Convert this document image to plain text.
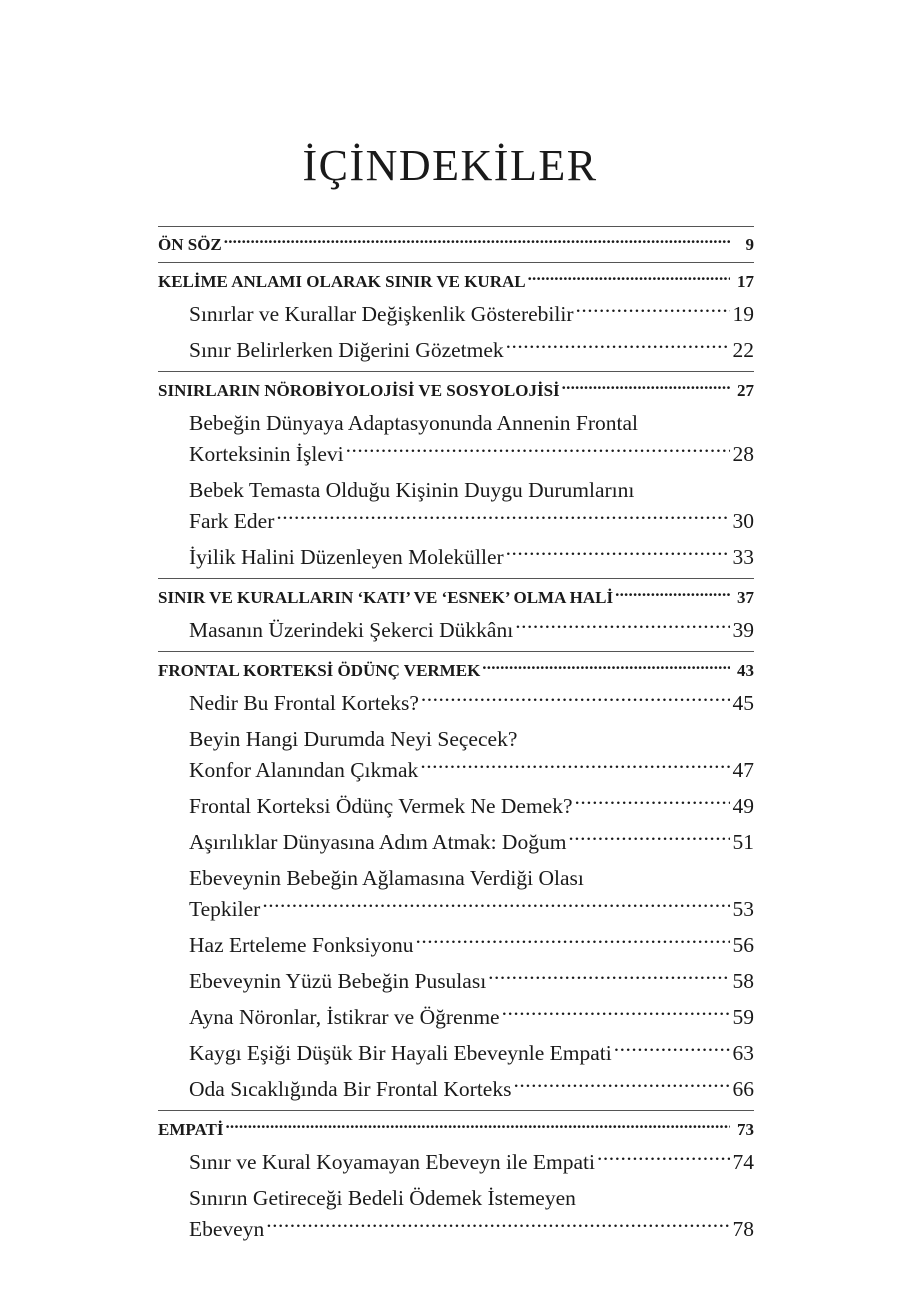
İÇİNDEKİLER
ÖN SÖZ .....	9
KELİME ANLAMI OLARAK SINIR VE KURAL .....	17
Sınırlar ve Kurallar Değişkenlik Gösterebilir .....	19
Sınır Belirlerken Diğerini Gözetmek .....	22
SINIRLARIN NÖROBİYOLOJİSİ VE SOSYOLOJİSİ .....	27
Bebeğin Dünyaya Adaptasyonunda Annenin Frontal
Korteksinin İşlevi .....	28
Bebek Temasta Olduğu Kişinin Duygu Durumlarını
Fark Eder .....	30
İyilik Halini Düzenleyen Moleküller .....	33
SINIR VE KURALLARIN ‘KATI’ VE ‘ESNEK’ OLMA HALİ .....	37
Masanın Üzerindeki Şekerci Dükkânı .....	39
FRONTAL KORTEKSİ ÖDÜNÇ VERMEK .....	43
Nedir Bu Frontal Korteks? .....	45
Beyin Hangi Durumda Neyi Seçecek?
Konfor Alanından Çıkmak .....	47
Frontal Korteksi Ödünç Vermek Ne Demek? .....	49
Aşırılıklar Dünyasına Adım Atmak: Doğum .....	51
Ebeveynin Bebeğin Ağlamasına Verdiği Olası
Tepkiler .....	53
Haz Erteleme Fonksiyonu .....	56
Ebeveynin Yüzü Bebeğin Pusulası .....	58
Ayna Nöronlar, İstikrar ve Öğrenme .....	59
Kaygı Eşiği Düşük Bir Hayali Ebeveynle Empati .....	63
Oda Sıcaklığında Bir Frontal Korteks .....	66
EMPATİ .....	73
Sınır ve Kural Koyamayan Ebeveyn ile Empati .....	74
Sınırın Getireceği Bedeli Ödemek İstemeyen
Ebeveyn .....	78
